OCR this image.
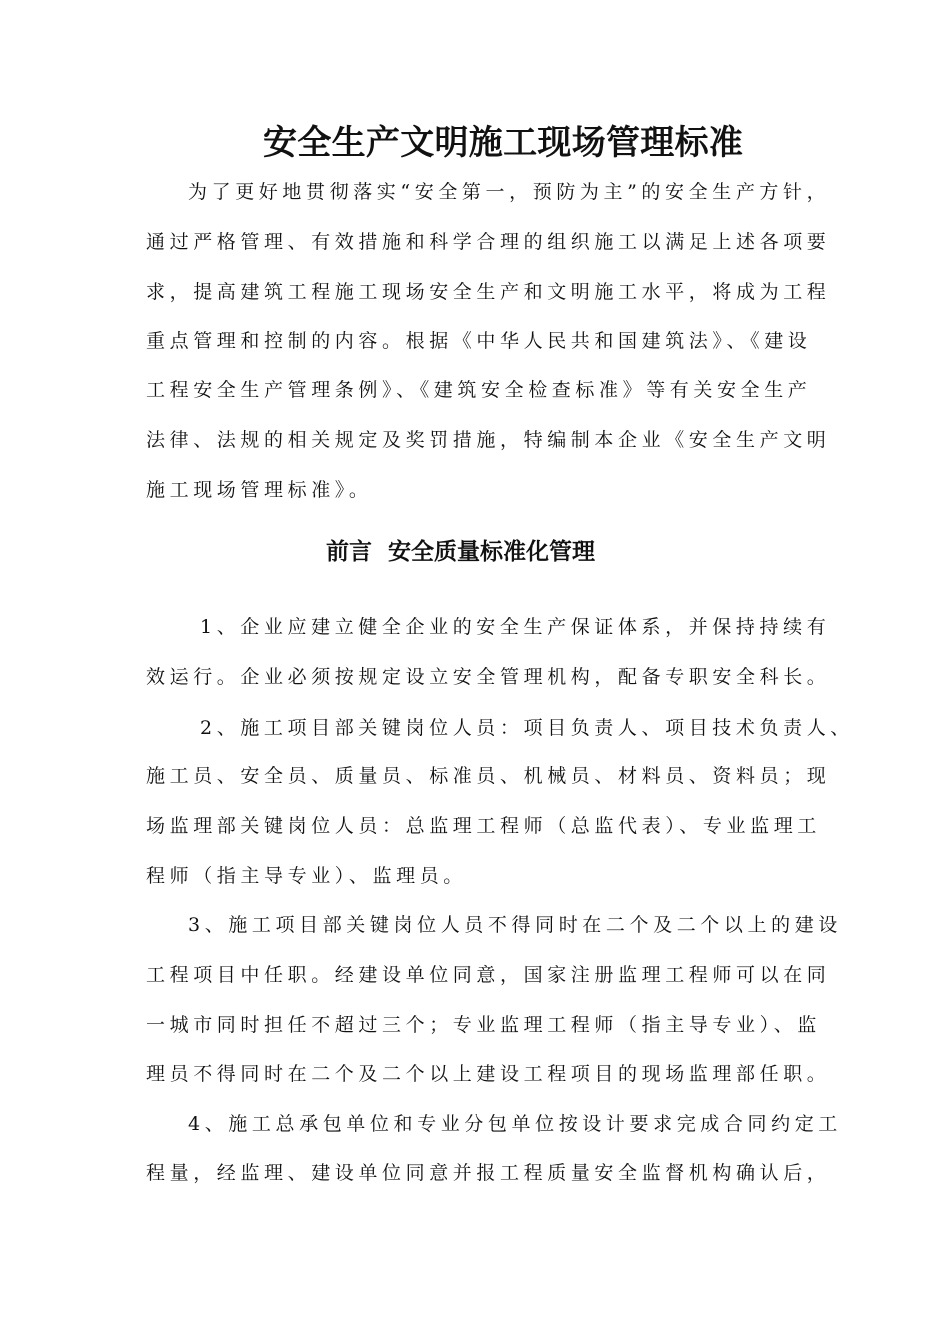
安全生产文明施工现场管理标准

为了更好地贯彻落实“安全第一，预防为主”的安全生产方针，

通过严格管理、有效措施和科学合理的组织施工以满足上述各项要

求，提高建筑工程施工现场安全生产和文明施工水平，将成为工程

重点管理和控制的内容。根据《中华人民共和国建筑法》、《建设

工程安全生产管理条例》、《建筑安全检查标准》等有关安全生产

法律、法规的相关规定及奖罚措施，特编制本企业《安全生产文明

施工现场管理标准》。

前言  安全质量标准化管理

1、企业应建立健全企业的安全生产保证体系，并保持持续有

效运行。企业必须按规定设立安全管理机构，配备专职安全科长。

2、施工项目部关键岗位人员：项目负责人、项目技术负责人、

施工员、安全员、质量员、标准员、机械员、材料员、资料员；现

场监理部关键岗位人员：总监理工程师（总监代表）、专业监理工

程师（指主导专业）、监理员。

3、施工项目部关键岗位人员不得同时在二个及二个以上的建设

工程项目中任职。经建设单位同意，国家注册监理工程师可以在同

一城市同时担任不超过三个；专业监理工程师（指主导专业）、监

理员不得同时在二个及二个以上建设工程项目的现场监理部任职。

4、施工总承包单位和专业分包单位按设计要求完成合同约定工

程量，经监理、建设单位同意并报工程质量安全监督机构确认后，
